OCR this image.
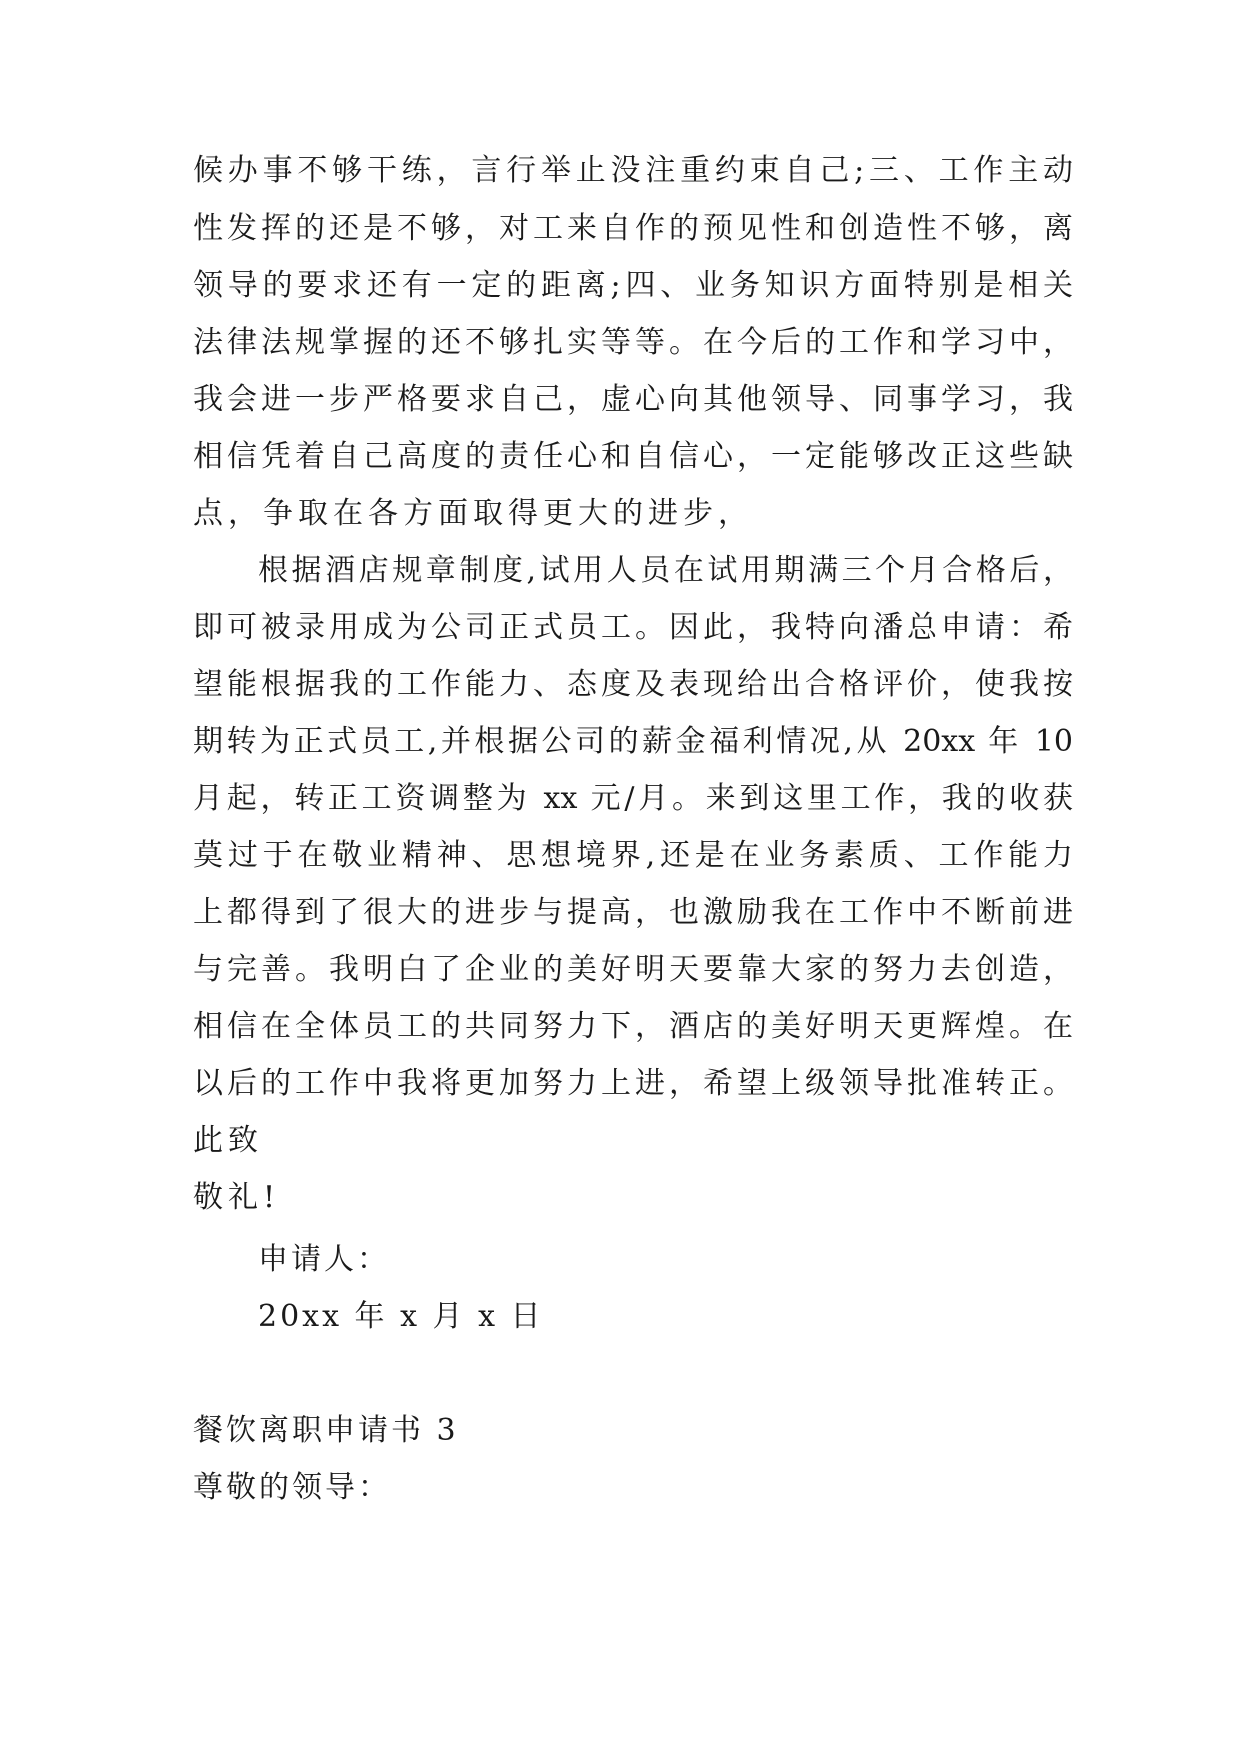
候办事不够干练，言行举止没注重约束自己;三、工作主动
性发挥的还是不够，对工来自作的预见性和创造性不够，离
领导的要求还有一定的距离;四、业务知识方面特别是相关
法律法规掌握的还不够扎实等等。在今后的工作和学习中，
我会进一步严格要求自己，虚心向其他领导、同事学习，我
相信凭着自己高度的责任心和自信心，一定能够改正这些缺
点，争取在各方面取得更大的进步，
根据酒店规章制度,试用人员在试用期满三个月合格后，
即可被录用成为公司正式员工。因此，我特向潘总申请：希
望能根据我的工作能力、态度及表现给出合格评价，使我按
期转为正式员工,并根据公司的薪金福利情况,从 20xx 年 10
月起，转正工资调整为 xx 元/月。来到这里工作，我的收获
莫过于在敬业精神、思想境界,还是在业务素质、工作能力
上都得到了很大的进步与提高，也激励我在工作中不断前进
与完善。我明白了企业的美好明天要靠大家的努力去创造，
相信在全体员工的共同努力下，酒店的美好明天更辉煌。在
以后的工作中我将更加努力上进，希望上级领导批准转正。
此致
敬礼!
申请人：
20xx 年 x 月 x 日
餐饮离职申请书 3
尊敬的领导：
